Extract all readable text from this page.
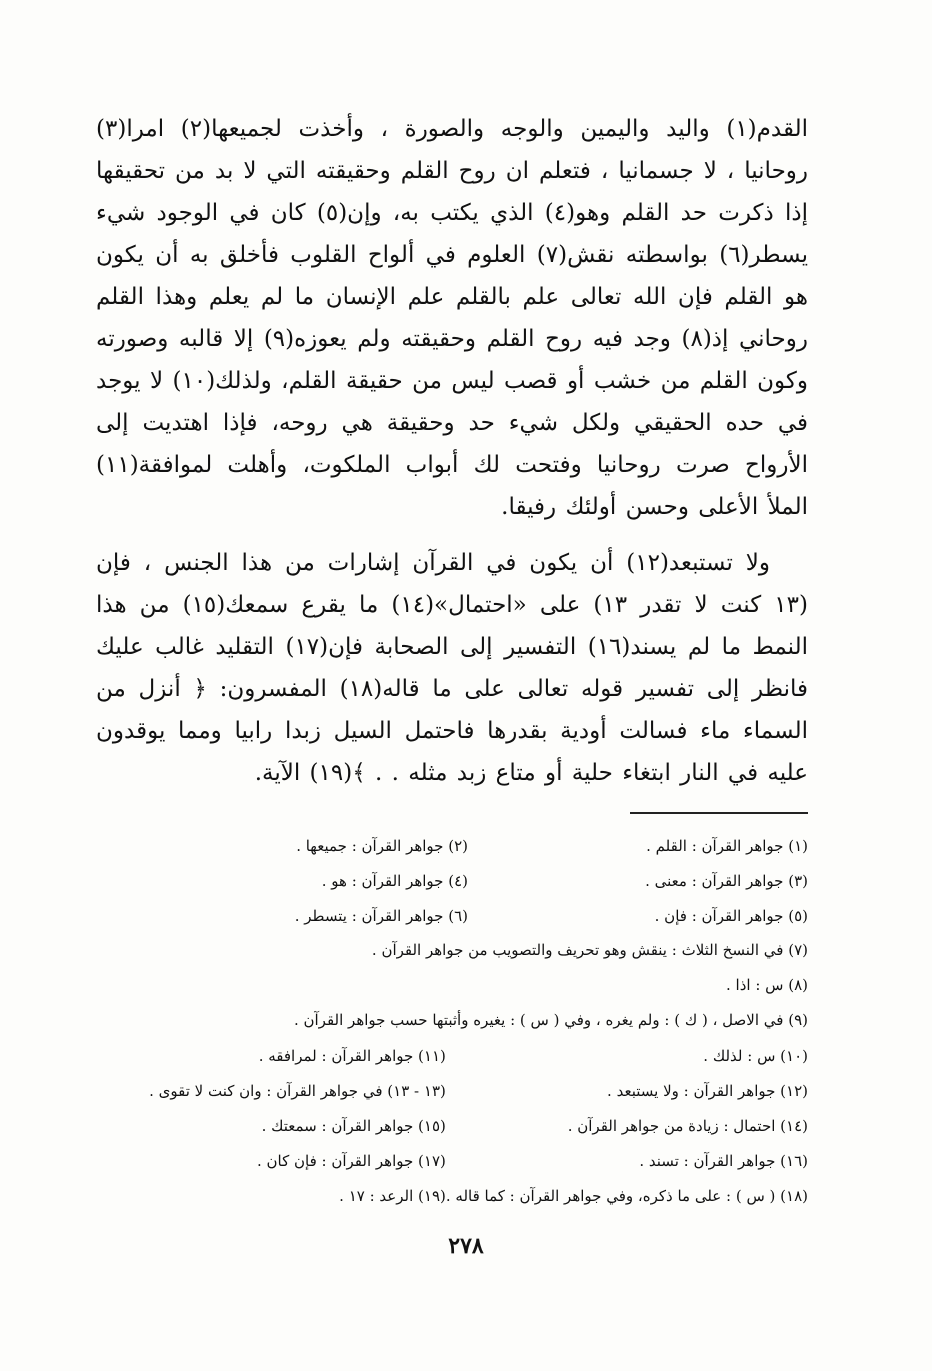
القدم(١) واليد واليمين والوجه والصورة ، وأخذت لجميعها(٢) امرا(٣) روحانيا ، لا جسمانيا ، فتعلم ان روح القلم وحقيقته التي لا بد من تحقيقها إذا ذكرت حد القلم وهو(٤) الذي يكتب به، وإن(٥) كان في الوجود شيء يسطر(٦) بواسطته نقش(٧) العلوم في ألواح القلوب فأخلق به أن يكون هو القلم فإن الله تعالى علم بالقلم علم الإنسان ما لم يعلم وهذا القلم روحاني إذ(٨) وجد فيه روح القلم وحقيقته ولم يعوزه(٩) إلا قالبه وصورته وكون القلم من خشب أو قصب ليس من حقيقة القلم، ولذلك(١٠) لا يوجد في حده الحقيقي ولكل شيء حد وحقيقة هي روحه، فإذا اهتديت إلى الأرواح صرت روحانيا وفتحت لك أبواب الملكوت، وأهلت لموافقة(١١) الملأ الأعلى وحسن أولئك رفيقا.

ولا تستبعد(١٢) أن يكون في القرآن إشارات من هذا الجنس ، فإن (١٣ كنت لا تقدر ١٣) على «احتمال»(١٤) ما يقرع سمعك(١٥) من هذا النمط ما لم يسند(١٦) التفسير إلى الصحابة فإن(١٧) التقليد غالب عليك فانظر إلى تفسير قوله تعالى على ما قاله(١٨) المفسرون: ﴿ أنزل من السماء ماء فسالت أودية بقدرها فاحتمل السيل زبدا رابيا ومما يوقدون عليه في النار ابتغاء حلية أو متاع زبد مثله . . ﴾(١٩) الآية.

(١) جواهر القرآن : القلم .	(٢) جواهر القرآن : جميعها .
(٣) جواهر القرآن : معنى .	(٤) جواهر القرآن : هو .
(٥) جواهر القرآن : فإن .	(٦) جواهر القرآن : يتسطر .
(٧) في النسخ الثلاث : ينقش وهو تحريف والتصويب من جواهر القرآن .
(٨) س : اذا .
(٩) في الاصل ، ( ك ) : ولم يغره ، وفي ( س ) : يغيره وأثبتها حسب جواهر القرآن .
(١٠) س : لذلك .	(١١) جواهر القرآن : لمرافقه .
(١٢) جواهر القرآن : ولا يستبعد .	(١٣ - ١٣) في جواهر القرآن : وان كنت لا تقوى .
(١٤) احتمال : زيادة من جواهر القرآن .	(١٥) جواهر القرآن : سمعتك .
(١٦) جواهر القرآن : تسند .	(١٧) جواهر القرآن : فإن كان .
(١٨) ( س ) : على ما ذكره، وفي جواهر القرآن : كما قاله .	(١٩) الرعد : ١٧ .
٢٧٨
